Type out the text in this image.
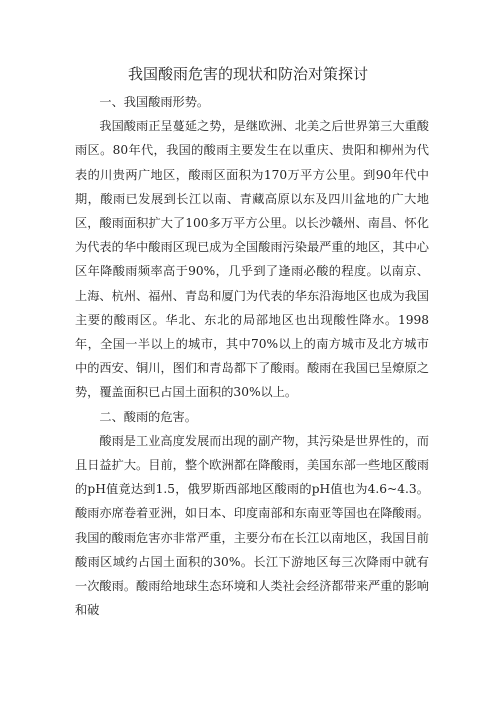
我国酸雨危害的现状和防治对策探讨

一、我国酸雨形势。

我国酸雨正呈蔓延之势，是继欧洲、北美之后世界第三大重酸雨区。80年代，我国的酸雨主要发生在以重庆、贵阳和柳州为代表的川贵两广地区，酸雨区面积为170万平方公里。到90年代中期，酸雨已发展到长江以南、青藏高原以东及四川盆地的广大地区，酸雨面积扩大了100多万平方公里。以长沙赣州、南昌、怀化为代表的华中酸雨区现已成为全国酸雨污染最严重的地区，其中心区年降酸雨频率高于90%，几乎到了逢雨必酸的程度。以南京、上海、杭州、福州、青岛和厦门为代表的华东沿海地区也成为我国主要的酸雨区。华北、东北的局部地区也出现酸性降水。1998年，全国一半以上的城市，其中70%以上的南方城市及北方城市中的西安、铜川，图们和青岛都下了酸雨。酸雨在我国已呈燎原之势，覆盖面积已占国土面积的30%以上。

二、酸雨的危害。

酸雨是工业高度发展而出现的副产物，其污染是世界性的，而且日益扩大。目前，整个欧洲都在降酸雨，美国东部一些地区酸雨的pH值竟达到1.5，俄罗斯西部地区酸雨的pH值也为4.6~4.3。酸雨亦席卷着亚洲，如日本、印度南部和东南亚等国也在降酸雨。我国的酸雨危害亦非常严重，主要分布在长江以南地区，我国目前酸雨区域约占国土面积的30%。长江下游地区每三次降雨中就有一次酸雨。酸雨给地球生态环境和人类社会经济都带来严重的影响和破
